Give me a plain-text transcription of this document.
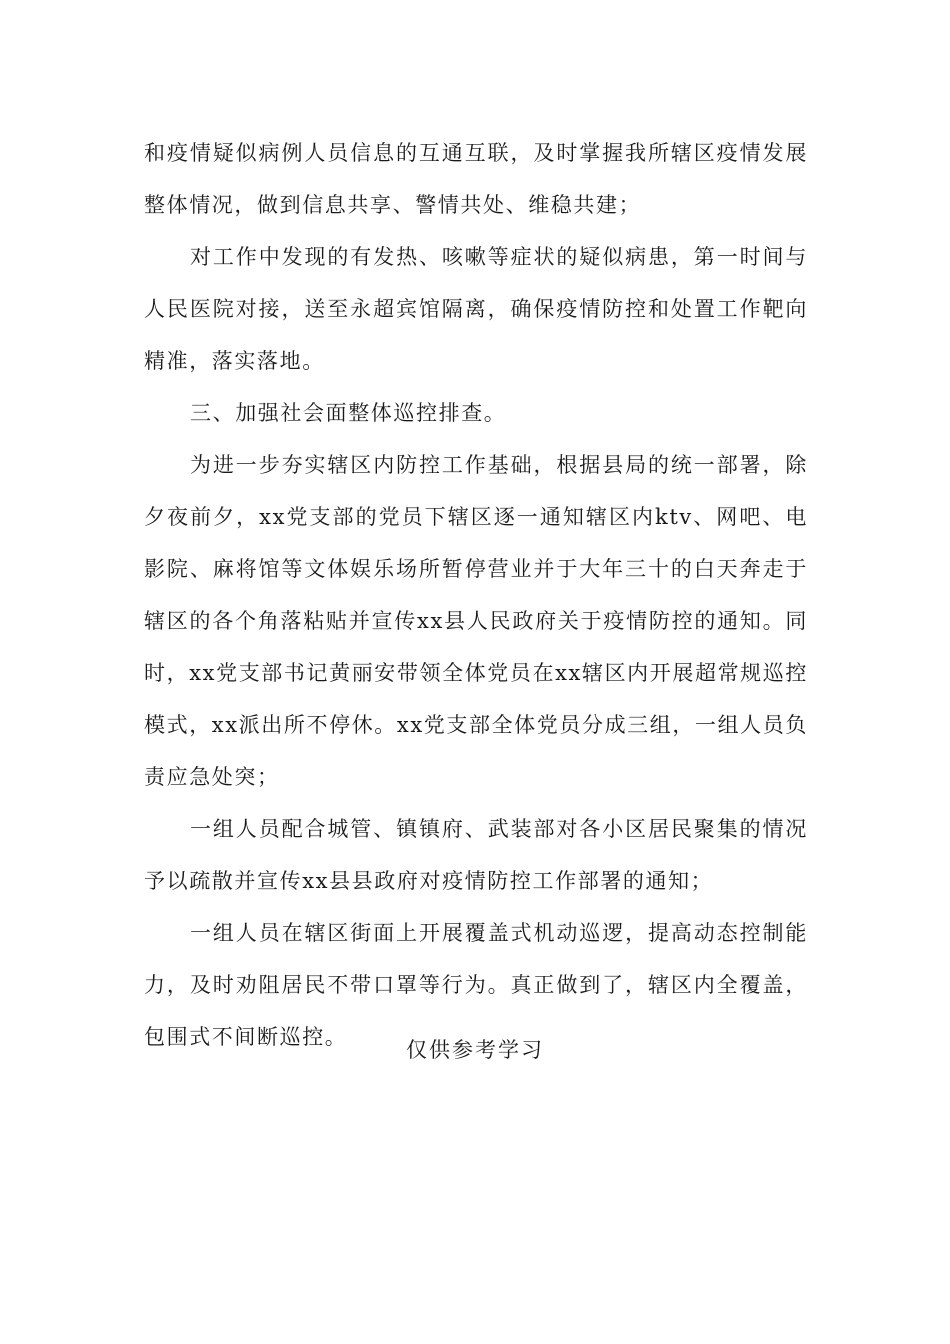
和疫情疑似病例人员信息的互通互联，及时掌握我所辖区疫情发展整体情况，做到信息共享、警情共处、维稳共建；

对工作中发现的有发热、咳嗽等症状的疑似病患，第一时间与人民医院对接，送至永超宾馆隔离，确保疫情防控和处置工作靶向精准，落实落地。

三、加强社会面整体巡控排查。

为进一步夯实辖区内防控工作基础，根据县局的统一部署，除夕夜前夕，xx党支部的党员下辖区逐一通知辖区内ktv、网吧、电影院、麻将馆等文体娱乐场所暂停营业并于大年三十的白天奔走于辖区的各个角落粘贴并宣传xx县人民政府关于疫情防控的通知。同时，xx党支部书记黄丽安带领全体党员在xx辖区内开展超常规巡控模式，xx派出所不停休。xx党支部全体党员分成三组，一组人员负责应急处突；

一组人员配合城管、镇镇府、武装部对各小区居民聚集的情况予以疏散并宣传xx县县政府对疫情防控工作部署的通知；

一组人员在辖区街面上开展覆盖式机动巡逻，提高动态控制能力，及时劝阻居民不带口罩等行为。真正做到了，辖区内全覆盖，包围式不间断巡控。

仅供参考学习
